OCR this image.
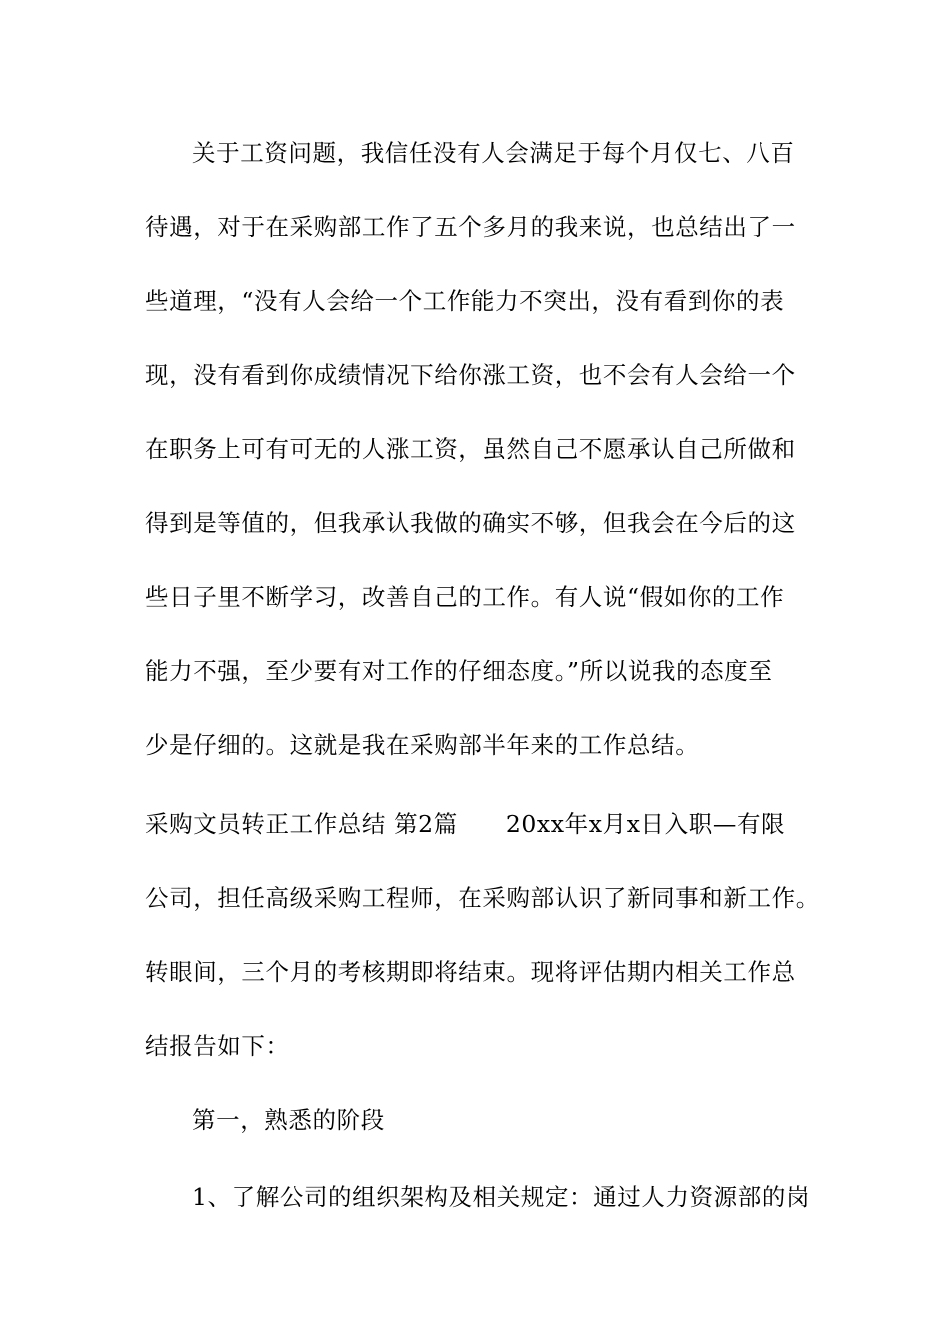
关于工资问题，我信任没有人会满足于每个月仅七、八百
待遇，对于在采购部工作了五个多月的我来说，也总结出了一
些道理，“没有人会给一个工作能力不突出，没有看到你的表
现，没有看到你成绩情况下给你涨工资，也不会有人会给一个
在职务上可有可无的人涨工资，虽然自己不愿承认自己所做和
得到是等值的，但我承认我做的确实不够，但我会在今后的这
些日子里不断学习，改善自己的工作。有人说“假如你的工作
能力不强，至少要有对工作的仔细态度。”所以说我的态度至
少是仔细的。这就是我在采购部半年来的工作总结。
采购文员转正工作总结 第2篇 20xx年x月x日入职—有限
公司，担任高级采购工程师，在采购部认识了新同事和新工作。
转眼间，三个月的考核期即将结束。现将评估期内相关工作总
结报告如下：
第一，熟悉的阶段
1、了解公司的组织架构及相关规定：通过人力资源部的岗
